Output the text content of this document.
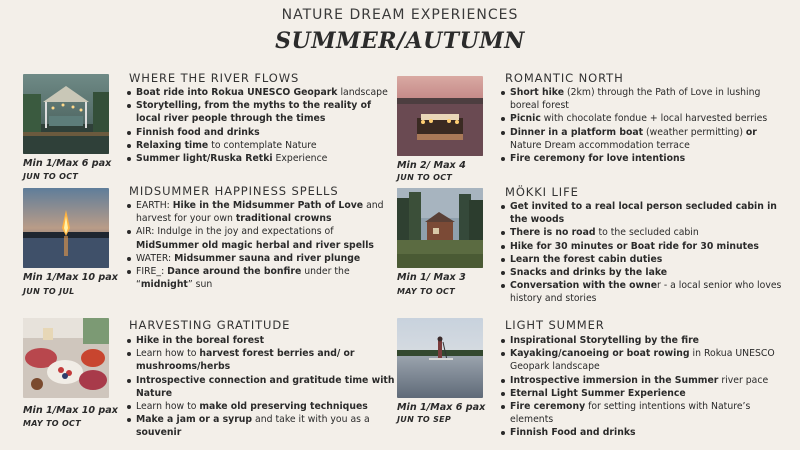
NATURE DREAM EXPERIENCES
SUMMER/AUTUMN
Min 1/Max 6 pax
JUN TO OCT
WHERE THE RIVER FLOWS
Boat ride into Rokua UNESCO Geopark landscape
Storytelling, from the myths to the reality of local river people through the times
Finnish food and drinks
Relaxing time to contemplate Nature
Summer light/Ruska Retki Experience
Min 2/ Max 4
JUN TO OCT
ROMANTIC NORTH
Short hike (2km) through the Path of Love in lushing boreal forest
Picnic with chocolate fondue + local harvested berries
Dinner in a platform boat (weather permitting) or Nature Dream accommodation terrace
Fire ceremony for love intentions
Min 1/Max 10 pax
JUN TO JUL
MIDSUMMER HAPPINESS SPELLS
EARTH: Hike in the Midsummer Path of Love and harvest for your own traditional crowns
AIR: Indulge in the joy and expectations of MidSummer old magic herbal and river spells
WATER: Midsummer sauna and river plunge
FIRE_: Dance around the bonfire under the “midnight” sun
Min 1/ Max 3
MAY TO OCT
MÖKKI LIFE
Get invited to a real local person secluded cabin in the woods
There is no road to the secluded cabin
Hike for 30 minutes or Boat ride for 30 minutes
Learn the forest cabin duties
Snacks and drinks by the lake
Conversation with the owner - a local senior who loves history and stories
Min 1/Max 10 pax
MAY TO OCT
HARVESTING GRATITUDE
Hike in the boreal forest
Learn how to harvest forest berries and/ or mushrooms/herbs
Introspective connection and gratitude time with Nature
Learn how to make old preserving techniques
Make a jam or a syrup and take it with you as a souvenir
Min 1/Max 6 pax
JUN TO SEP
LIGHT SUMMER
Inspirational Storytelling by the fire
Kayaking/canoeing or boat rowing in Rokua UNESCO Geopark landscape
Introspective immersion in the Summer river pace
Eternal Light Summer Experience
Fire ceremony for setting intentions with Nature’s elements
Finnish Food and drinks
